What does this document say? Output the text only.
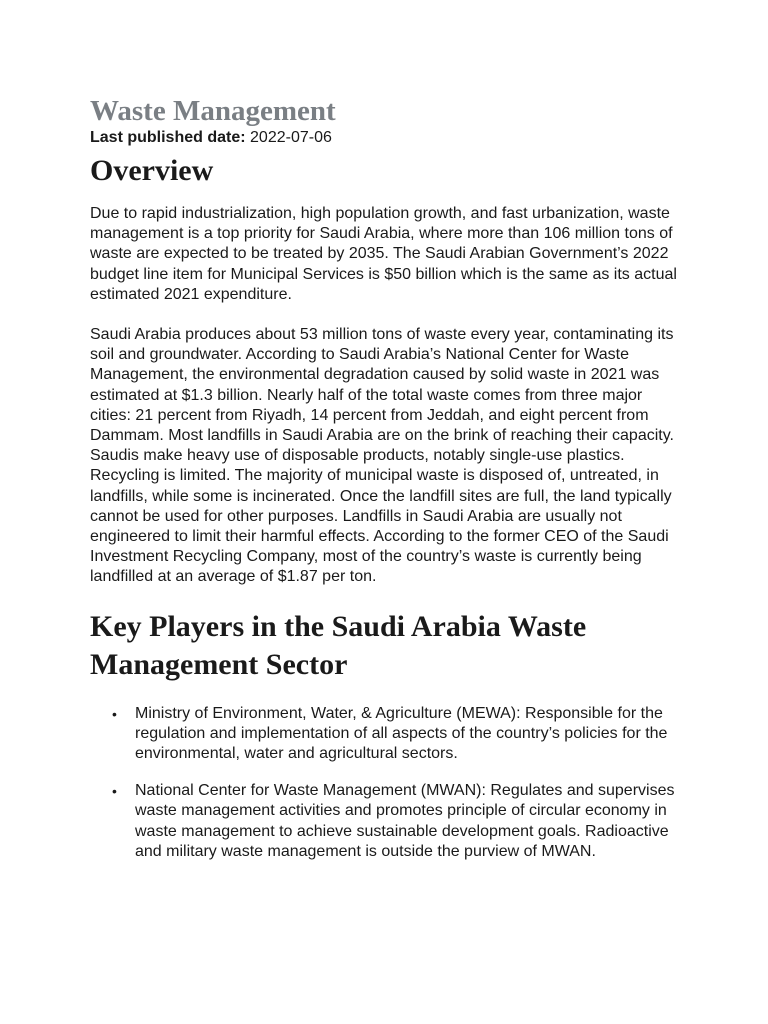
Waste Management

Last published date: 2022-07-06

Overview

Due to rapid industrialization, high population growth, and fast urbanization, waste management is a top priority for Saudi Arabia, where more than 106 million tons of waste are expected to be treated by 2035. The Saudi Arabian Government’s 2022 budget line item for Municipal Services is $50 billion which is the same as its actual estimated 2021 expenditure.

Saudi Arabia produces about 53 million tons of waste every year, contaminating its soil and groundwater. According to Saudi Arabia’s National Center for Waste Management, the environmental degradation caused by solid waste in 2021 was estimated at $1.3 billion. Nearly half of the total waste comes from three major cities: 21 percent from Riyadh, 14 percent from Jeddah, and eight percent from Dammam. Most landfills in Saudi Arabia are on the brink of reaching their capacity. Saudis make heavy use of disposable products, notably single-use plastics. Recycling is limited. The majority of municipal waste is disposed of, untreated, in landfills, while some is incinerated. Once the landfill sites are full, the land typically cannot be used for other purposes. Landfills in Saudi Arabia are usually not engineered to limit their harmful effects. According to the former CEO of the Saudi Investment Recycling Company, most of the country’s waste is currently being landfilled at an average of $1.87 per ton.

Key Players in the Saudi Arabia Waste Management Sector
• Ministry of Environment, Water, & Agriculture (MEWA): Responsible for the regulation and implementation of all aspects of the country’s policies for the environmental, water and agricultural sectors.
• National Center for Waste Management (MWAN): Regulates and supervises waste management activities and promotes principle of circular economy in waste management to achieve sustainable development goals. Radioactive and military waste management is outside the purview of MWAN.
